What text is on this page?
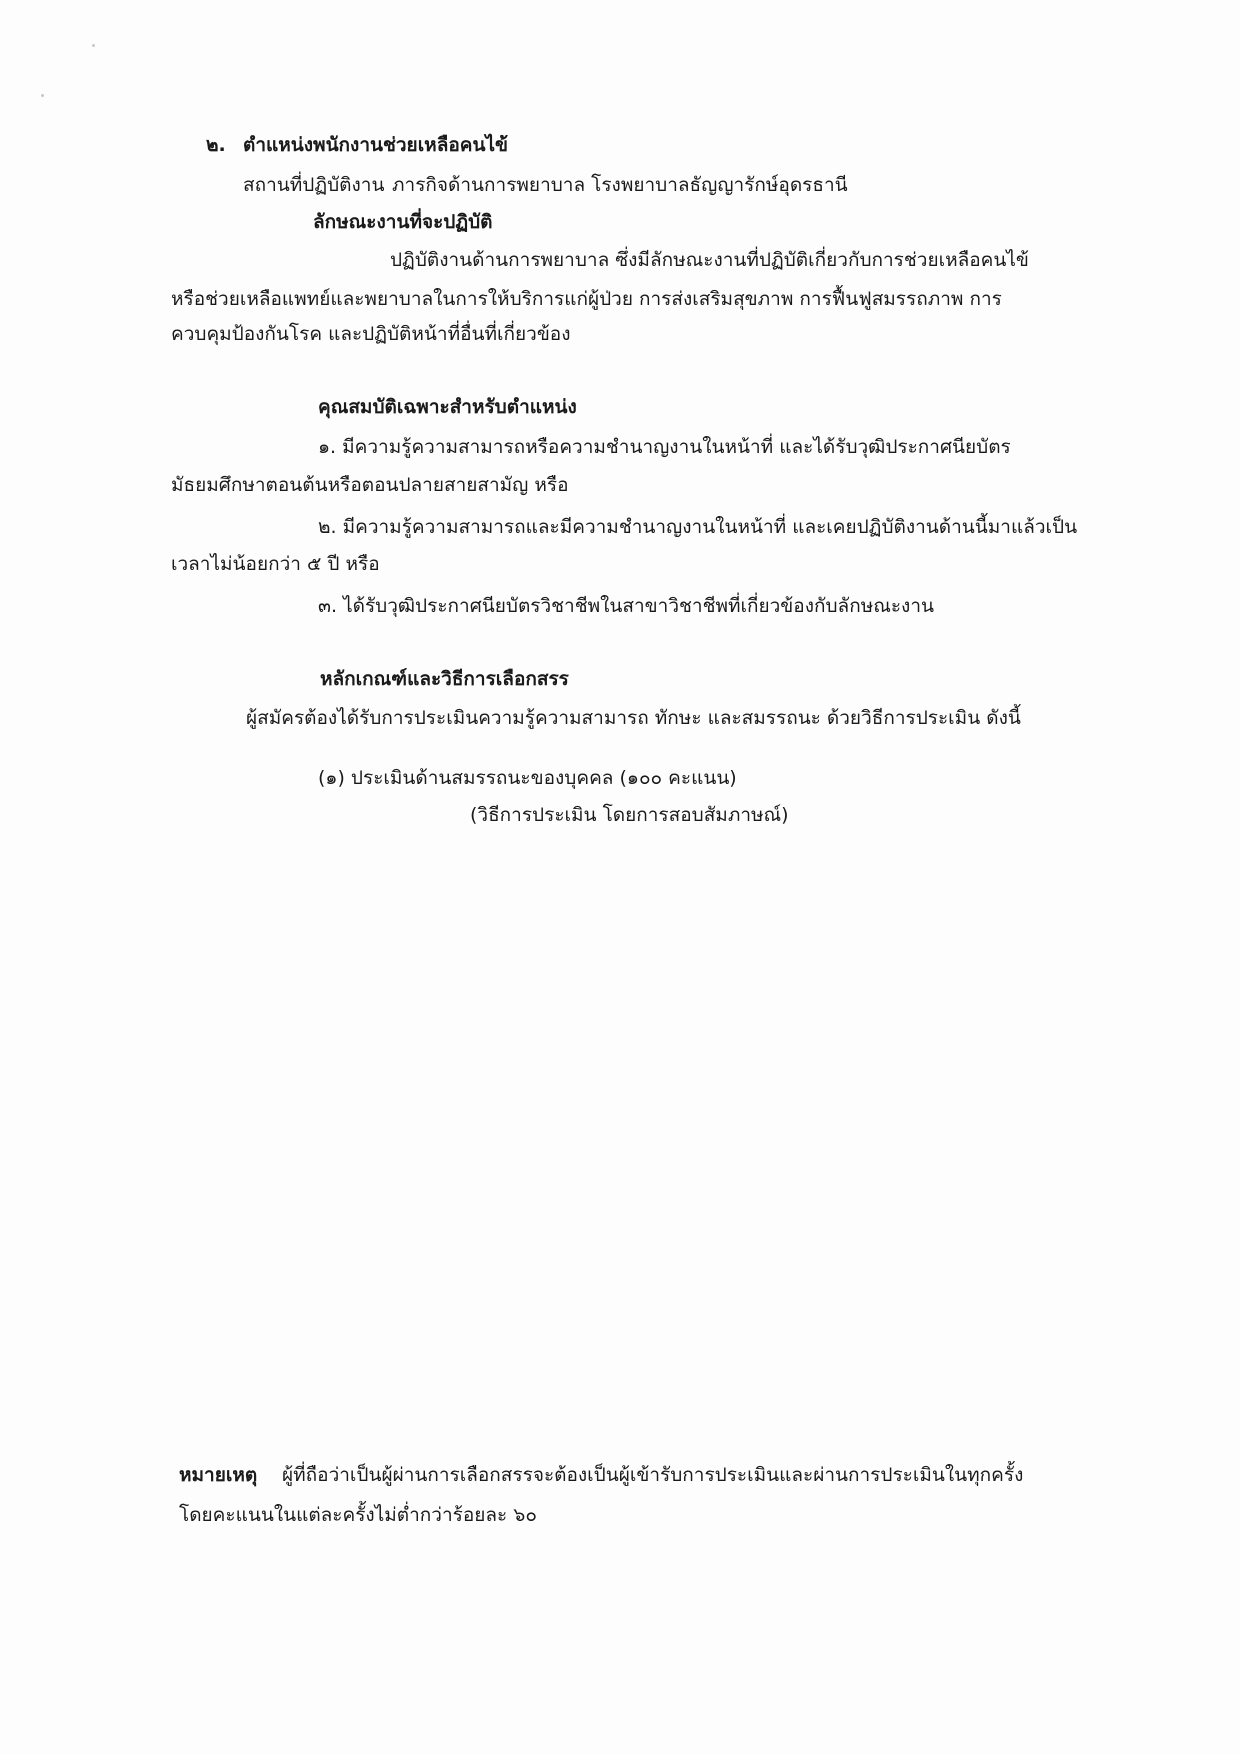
๒. ตำแหน่งพนักงานช่วยเหลือคนไข้
สถานที่ปฏิบัติงาน ภารกิจด้านการพยาบาล โรงพยาบาลธัญญารักษ์อุดรธานี
ลักษณะงานที่จะปฏิบัติ
ปฏิบัติงานด้านการพยาบาล ซึ่งมีลักษณะงานที่ปฏิบัติเกี่ยวกับการช่วยเหลือคนไข้
หรือช่วยเหลือแพทย์และพยาบาลในการให้บริการแก่ผู้ป่วย การส่งเสริมสุขภาพ การฟื้นฟูสมรรถภาพ การ
ควบคุมป้องกันโรค และปฏิบัติหน้าที่อื่นที่เกี่ยวข้อง
คุณสมบัติเฉพาะสำหรับตำแหน่ง
๑. มีความรู้ความสามารถหรือความชำนาญงานในหน้าที่ และได้รับวุฒิประกาศนียบัตร
มัธยมศึกษาตอนต้นหรือตอนปลายสายสามัญ หรือ
๒. มีความรู้ความสามารถและมีความชำนาญงานในหน้าที่ และเคยปฏิบัติงานด้านนี้มาแล้วเป็น
เวลาไม่น้อยกว่า ๕ ปี หรือ
๓. ได้รับวุฒิประกาศนียบัตรวิชาชีพในสาขาวิชาชีพที่เกี่ยวข้องกับลักษณะงาน
หลักเกณฑ์และวิธีการเลือกสรร
ผู้สมัครต้องได้รับการประเมินความรู้ความสามารถ ทักษะ และสมรรถนะ ด้วยวิธีการประเมิน ดังนี้
(๑) ประเมินด้านสมรรถนะของบุคคล (๑๐๐ คะแนน)
(วิธีการประเมิน โดยการสอบสัมภาษณ์)
หมายเหตุ ผู้ที่ถือว่าเป็นผู้ผ่านการเลือกสรรจะต้องเป็นผู้เข้ารับการประเมินและผ่านการประเมินในทุกครั้ง
โดยคะแนนในแต่ละครั้งไม่ต่ำกว่าร้อยละ ๖๐
